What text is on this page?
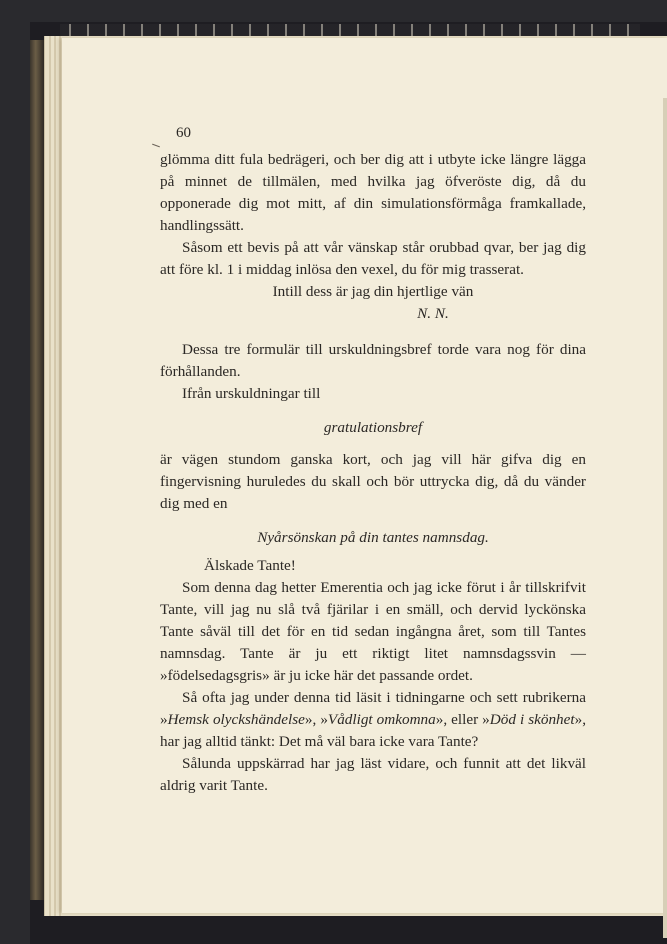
60

glömma ditt fula bedrägeri, och ber dig att i utbyte icke längre lägga på minnet de tillmälen, med hvilka jag öfveröste dig, då du opponerade dig mot mitt, af din simulationsförmåga framkallade, handlingssätt.

Såsom ett bevis på att vår vänskap står orubbad qvar, ber jag dig att före kl. 1 i middag inlösa den vexel, du för mig trasserat.

Intill dess är jag din hjertlige vän

N. N.

Dessa tre formulär till urskuldningsbref torde vara nog för dina förhållanden.

Ifrån urskuldningar till

gratulationsbref

är vägen stundom ganska kort, och jag vill här gifva dig en fingervisning huruledes du skall och bör uttrycka dig, då du vänder dig med en

Nyårsönskan på din tantes namnsdag.

Älskade Tante!

Som denna dag hetter Emerentia och jag icke förut i år tillskrifvit Tante, vill jag nu slå två fjärilar i en smäll, och dervid lyckönska Tante såväl till det för en tid sedan ingångna året, som till Tantes namnsdag. Tante är ju ett riktigt litet namnsdagssvin — »födelsedagsgris» är ju icke här det passande ordet.

Så ofta jag under denna tid läsit i tidningarne och sett rubrikerna »Hemsk olyckshändelse», »Vådligt omkomna», eller »Död i skönhet», har jag alltid tänkt: Det må väl bara icke vara Tante?

Sålunda uppskärrad har jag läst vidare, och funnit att det likväl aldrig varit Tante.
